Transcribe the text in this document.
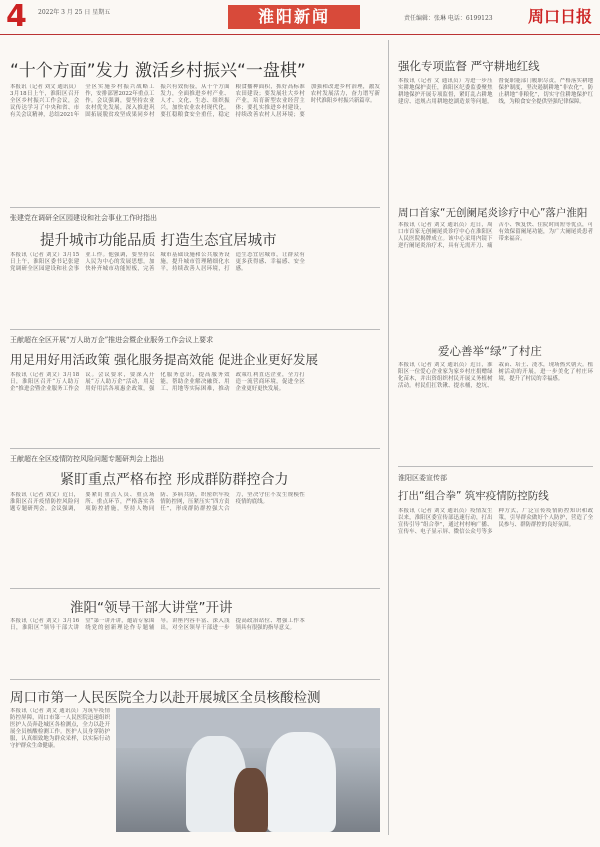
4 2022年 3 月 25 日 星期五	淮阳新闻	责任编辑：张琳 电话：6199123 周口日报
“十个方面”发力 激活乡村振兴“一盘棋”
本报讯（记者 刘文 通讯员）3月18日上午，淮阳区召开全区乡村振兴工作会议，会议传达学习了中央和省、市有关会议精神，总结2021年全区实施乡村振兴战略工作，安排部署2022年重点工作。会议强调，要坚持农业农村优先发展，深入推进巩固拓展脱贫攻坚成果同乡村振兴有效衔接，从十个方面发力，全面推进乡村产业、人才、文化、生态、组织振兴，加快农业农村现代化。要扛稳粮食安全重任，稳定粮食播种面积，抓好高标准农田建设；要发展壮大乡村产业，培育新型农业经营主体；要扎实推进乡村建设，持续改善农村人居环境；要加强和改进乡村治理，激发农村发展活力，奋力谱写新时代淮阳乡村振兴新篇章。
强化专项监督 严守耕地红线
本报讯（记者 文 通讯员）为进一步压实耕地保护责任，淮阳区纪委监委聚焦耕地保护开展专项监督，紧盯乱占耕地建房、违规占用耕地挖湖造景等问题，督促职能部门履职尽责，严格落实耕地保护制度，坚决遏制耕地“非农化”，防止耕地“非粮化”，切实守住耕地保护红线，为粮食安全提供坚强纪律保障。
周口首家“无创阑尾炎诊疗中心”落户淮阳
本报讯（记者 刘文 通讯员）近日，周口市首家无创阑尾炎诊疗中心在淮阳区人民医院揭牌成立。该中心采用内镜下逆行阑尾炎治疗术，具有无需开刀、痛苦小、恢复快、住院时间短等优点，可有效保留阑尾功能，为广大阑尾炎患者带来福音。
张建党在调研全区园建设和社会事业工作时指出
提升城市功能品质 打造生态宜居城市
本报讯（记者 刘文）3月15日上午，淮阳区委书记张建党调研全区园建设和社会事业工作。他强调，要坚持以人民为中心的发展思想，加快补齐城市功能短板，完善城市基础设施和公共服务设施，提升城市管理精细化水平，持续改善人居环境，打造生态宜居城市，让群众有更多获得感、幸福感、安全感。
王献超在全区开展“万人助万企”推进会暨企业服务工作会议上要求
用足用好用活政策 强化服务提高效能 促进企业更好发展
本报讯（记者 刘文）3月18日，淮阳区召开“万人助万企”推进会暨企业服务工作会议。会议要求，要深入开展“万人助万企”活动，用足用好用活各项惠企政策，强化服务意识，提高服务效能，帮助企业解决融资、用工、用地等实际困难，推动政策红利直达企业，全力打造一流营商环境，促进全区企业更好更快发展。
爱心善举“绿”了村庄
本报讯（记者 刘文 通讯员）近日，淮阳区一位爱心企业家为家乡村庄捐赠绿化苗木，并出资组织村民开展义务植树活动。村民们扛铁锹、提水桶，挖坑、栽苗、培土、浇水，现场热火朝天。植树活动的开展，进一步美化了村庄环境，提升了村民的幸福感。
王献超在全区疫情防控风险问题专题研判会上指出
紧盯重点严格布控 形成群防群控合力
本报讯（记者 刘文）近日，淮阳区召开疫情防控风险问题专题研判会。会议强调，要紧盯重点人员、重点场所、重点环节，严格落实各项防控措施，坚持人物同防、多病共防，织密织牢疫情防控网，压紧压实“四方责任”，形成群防群控强大合力，坚决守住不发生规模性疫情的底线。
淮阳区委宣传部
打出“组合拳” 筑牢疫情防控防线
本报讯（记者 刘文 通讯员）疫情发生以来，淮阳区委宣传部迅速行动，打出宣传引导“组合拳”，通过村村响广播、宣传车、电子显示屏、微信公众号等多种方式，广泛宣传疫情防控知识和政策，引导群众做好个人防护，营造了全民参与、群防群控的良好氛围。
淮阳“领导干部大讲堂”开讲
本报讯（记者 刘文）3月16日，淮阳区“领导干部大讲堂”第一讲开讲，邀请专家围绕党的创新理论作专题辅导。讲座内容丰富、深入浅出，对全区领导干部进一步提高政治站位、增强工作本领具有很强的指导意义。
周口市第一人民医院全力以赴开展城区全员核酸检测
本报讯（记者 刘文 通讯员）为筑牢疫情防控屏障，周口市第一人民医院迅速组织医护人员奔赴城区各检测点，全力以赴开展全员核酸检测工作。医护人员身穿防护服，认真细致地为群众采样，以实际行动守护群众生命健康。
